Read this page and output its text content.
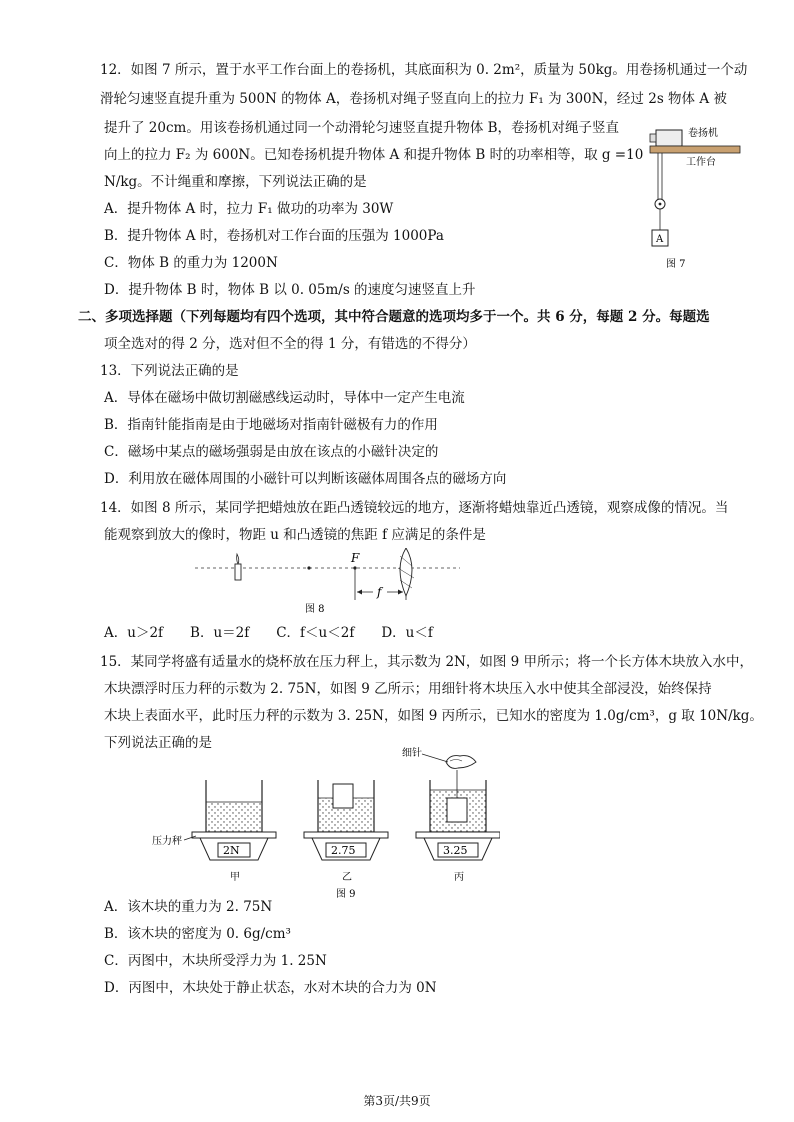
12．如图 7 所示，置于水平工作台面上的卷扬机，其底面积为 0. 2m²，质量为 50kg。用卷扬机通过一个动
滑轮匀速竖直提升重为 500N 的物体 A，卷扬机对绳子竖直向上的拉力 F₁ 为 300N，经过 2s 物体 A 被
提升了 20cm。用该卷扬机通过同一个动滑轮匀速竖直提升物体 B，卷扬机对绳子竖直
向上的拉力 F₂ 为 600N。已知卷扬机提升物体 A 和提升物体 B 时的功率相等，取 g =10
N/kg。不计绳重和摩擦，下列说法正确的是
A．提升物体 A 时，拉力 F₁ 做功的功率为 30W
B．提升物体 A 时，卷扬机对工作台面的压强为 1000Pa
C．物体 B 的重力为 1200N
D．提升物体 B 时，物体 B 以 0. 05m/s 的速度匀速竖直上升
卷扬机
工作台
A
图 7
二、多项选择题（下列每题均有四个选项，其中符合题意的选项均多于一个。共 6 分，每题 2 分。每题选
项全选对的得 2 分，选对但不全的得 1 分，有错选的不得分）
13．下列说法正确的是
A．导体在磁场中做切割磁感线运动时，导体中一定产生电流
B．指南针能指南是由于地磁场对指南针磁极有力的作用
C．磁场中某点的磁场强弱是由放在该点的小磁针决定的
D．利用放在磁体周围的小磁针可以判断该磁体周围各点的磁场方向
14．如图 8 所示，某同学把蜡烛放在距凸透镜较远的地方，逐渐将蜡烛靠近凸透镜，观察成像的情况。当
能观察到放大的像时，物距 u 和凸透镜的焦距 f 应满足的条件是
F
f
图 8
A．u＞2f　　B．u＝2f　　C．f＜u＜2f　　D．u＜f
15．某同学将盛有适量水的烧杯放在压力秤上，其示数为 2N，如图 9 甲所示；将一个长方体木块放入水中，
木块漂浮时压力秤的示数为 2. 75N，如图 9 乙所示；用细针将木块压入水中使其全部浸没，始终保持
木块上表面水平，此时压力秤的示数为 3. 25N，如图 9 丙所示，已知水的密度为 1.0g/cm³，g 取 10N/kg。
下列说法正确的是
2N
压力秤
甲
2.75
乙
3.25
细针
丙
图 9
A．该木块的重力为 2. 75N
B．该木块的密度为 0. 6g/cm³
C．丙图中，木块所受浮力为 1. 25N
D．丙图中，木块处于静止状态，水对木块的合力为 0N
第3页/共9页
